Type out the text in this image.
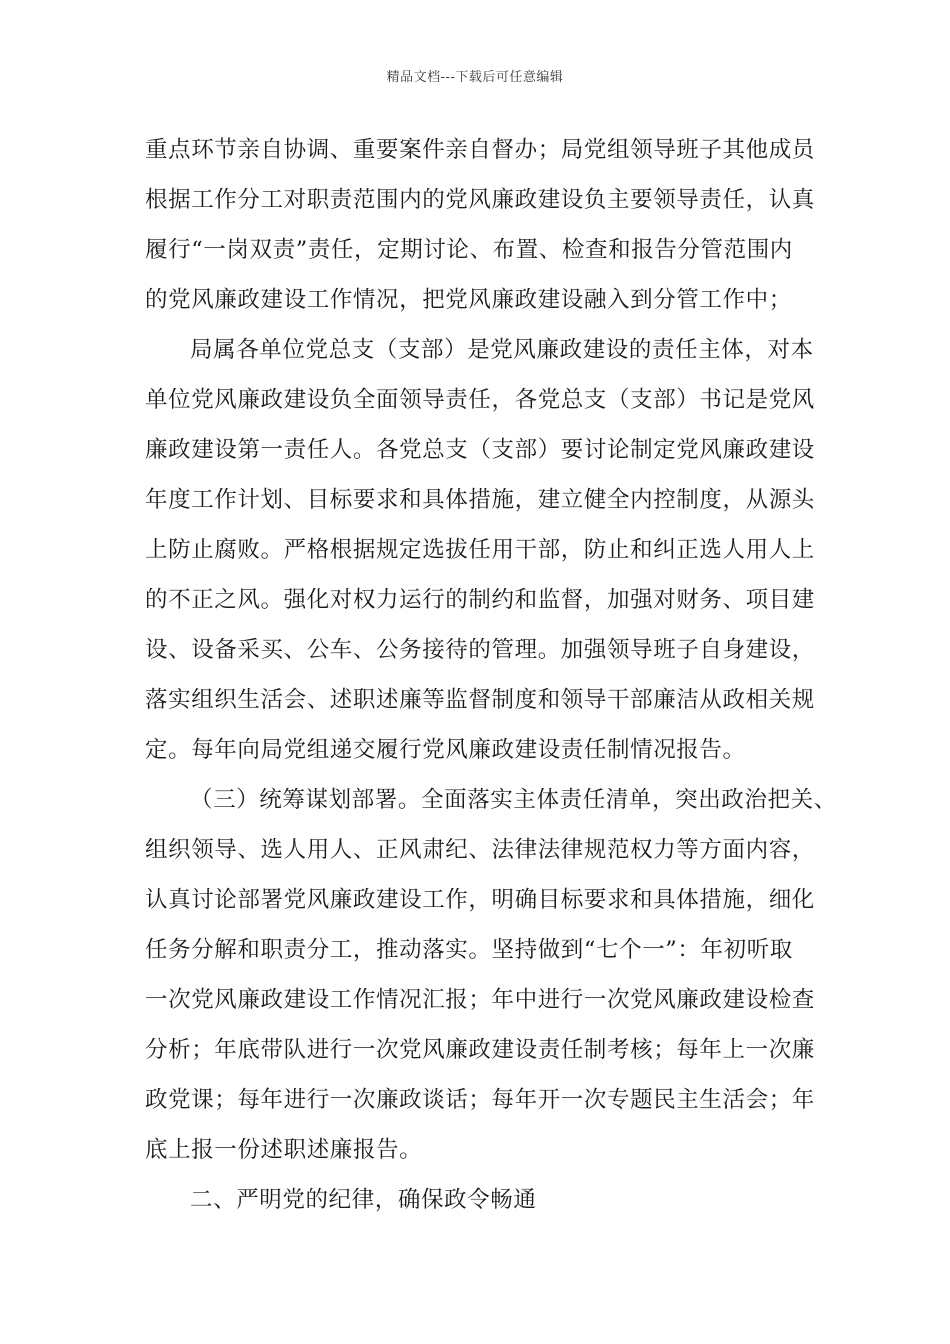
精品文档---下载后可任意编辑
重点环节亲自协调、重要案件亲自督办；局党组领导班子其他成员
根据工作分工对职责范围内的党风廉政建设负主要领导责任，认真
履行“一岗双责”责任，定期讨论、布置、检查和报告分管范围内
的党风廉政建设工作情况，把党风廉政建设融入到分管工作中；
局属各单位党总支（支部）是党风廉政建设的责任主体，对本
单位党风廉政建设负全面领导责任，各党总支（支部）书记是党风
廉政建设第一责任人。各党总支（支部）要讨论制定党风廉政建设
年度工作计划、目标要求和具体措施，建立健全内控制度，从源头
上防止腐败。严格根据规定选拔任用干部，防止和纠正选人用人上
的不正之风。强化对权力运行的制约和监督，加强对财务、项目建
设、设备采买、公车、公务接待的管理。加强领导班子自身建设，
落实组织生活会、述职述廉等监督制度和领导干部廉洁从政相关规
定。每年向局党组递交履行党风廉政建设责任制情况报告。
（三）统筹谋划部署。全面落实主体责任清单，突出政治把关、
组织领导、选人用人、正风肃纪、法律法律规范权力等方面内容，
认真讨论部署党风廉政建设工作，明确目标要求和具体措施，细化
任务分解和职责分工，推动落实。坚持做到“七个一”：年初听取
一次党风廉政建设工作情况汇报；年中进行一次党风廉政建设检查
分析；年底带队进行一次党风廉政建设责任制考核；每年上一次廉
政党课；每年进行一次廉政谈话；每年开一次专题民主生活会；年
底上报一份述职述廉报告。
二、严明党的纪律，确保政令畅通
